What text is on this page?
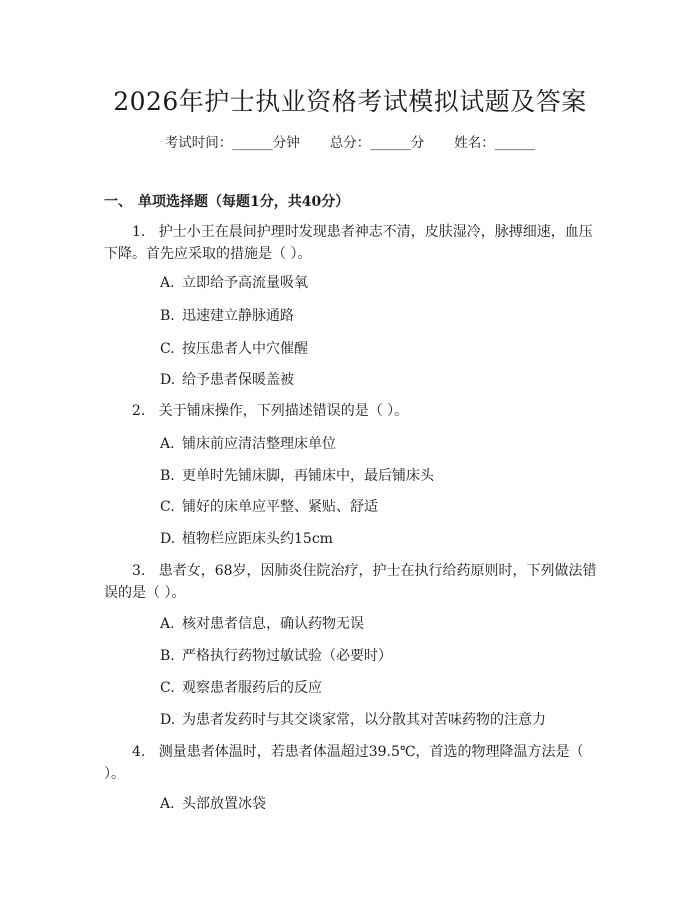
2026年护士执业资格考试模拟试题及答案
考试时间：______分钟 总分：______分 姓名：______
一、 单项选择题（每题1分，共40分）
1. 护士小王在晨间护理时发现患者神志不清，皮肤湿冷，脉搏细速，血压下降。首先应采取的措施是（ ）。
A. 立即给予高流量吸氧
B. 迅速建立静脉通路
C. 按压患者人中穴催醒
D. 给予患者保暖盖被
2. 关于铺床操作，下列描述错误的是（ ）。
A. 铺床前应清洁整理床单位
B. 更单时先铺床脚，再铺床中，最后铺床头
C. 铺好的床单应平整、紧贴、舒适
D. 植物栏应距床头约15cm
3. 患者女，68岁，因肺炎住院治疗，护士在执行给药原则时，下列做法错误的是（ ）。
A. 核对患者信息，确认药物无误
B. 严格执行药物过敏试验（必要时）
C. 观察患者服药后的反应
D. 为患者发药时与其交谈家常，以分散其对苦味药物的注意力
4. 测量患者体温时，若患者体温超过39.5℃，首选的物理降温方法是（ ）。
A. 头部放置冰袋
